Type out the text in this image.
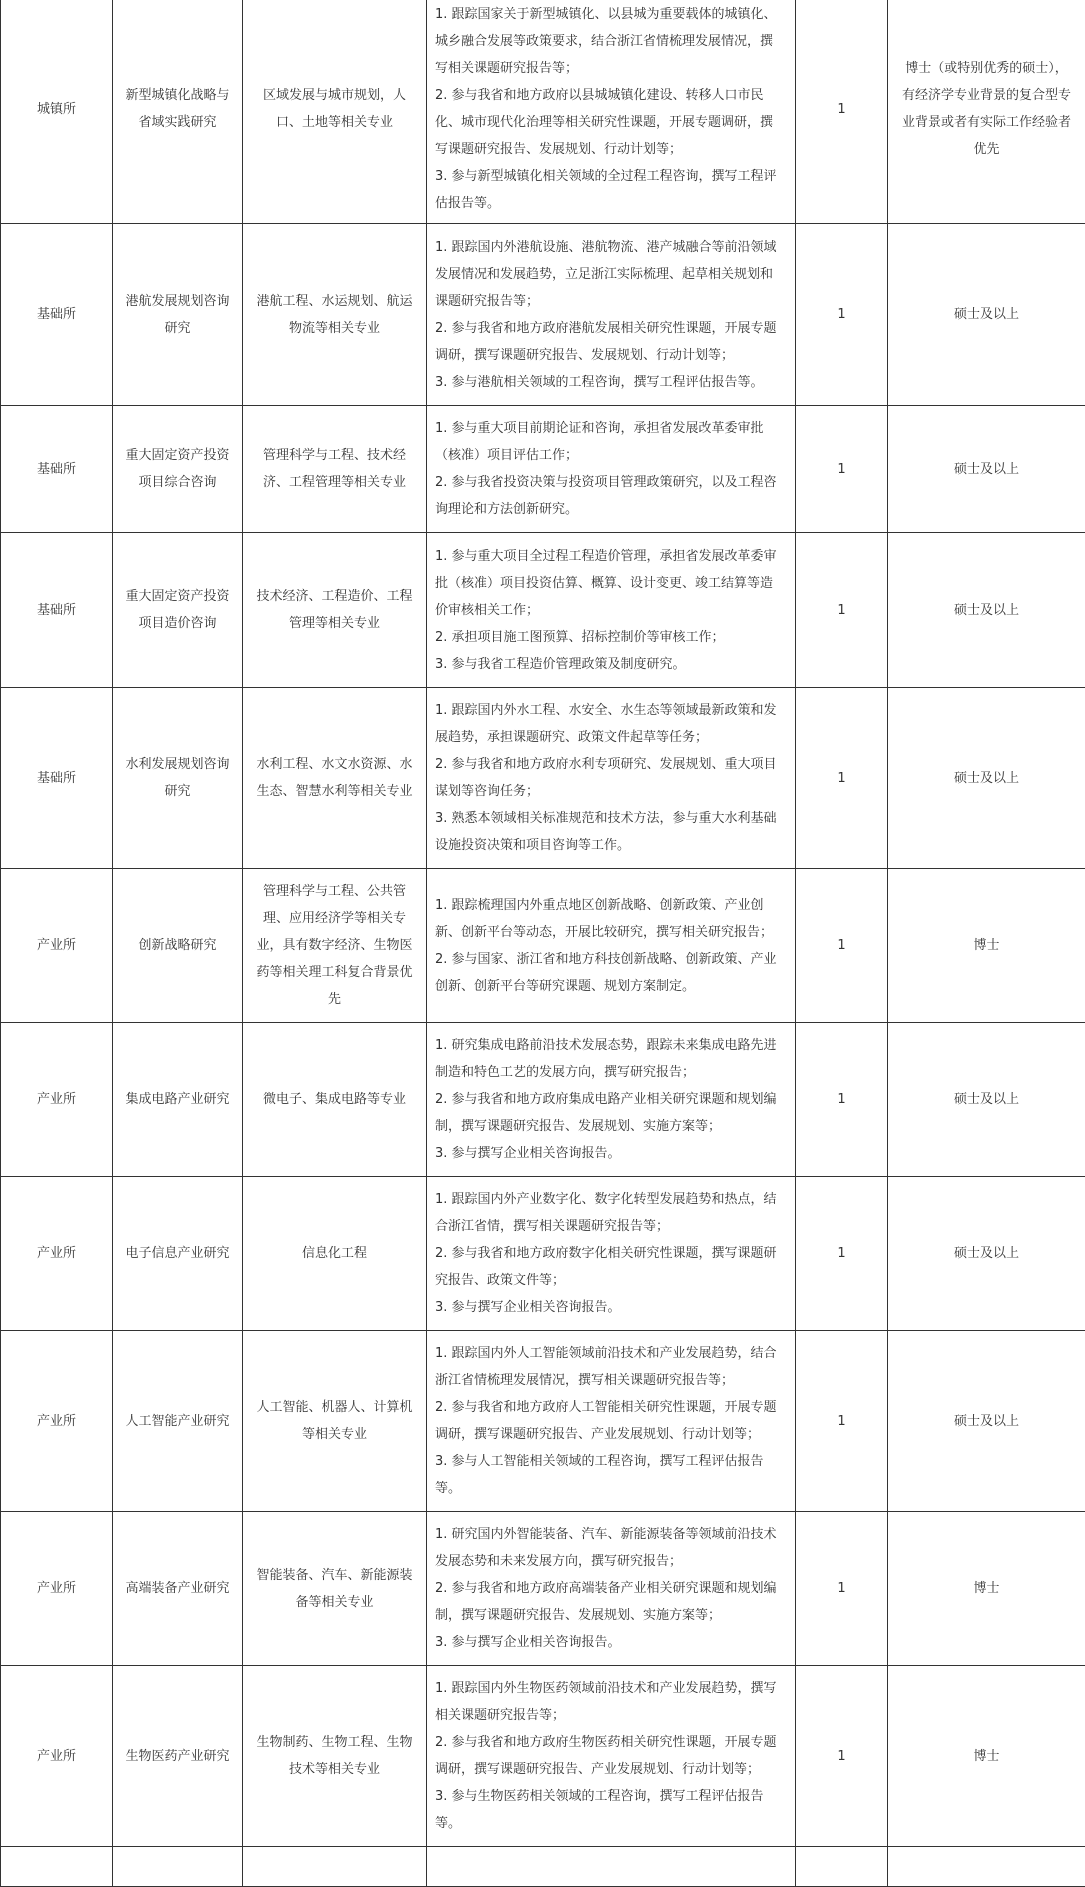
城镇所	新型城镇化战略与省域实践研究	区域发展与城市规划，人口、土地等相关专业	1. 跟踪国家关于新型城镇化、以县城为重要载体的城镇化、城乡融合发展等政策要求，结合浙江省情梳理发展情况，撰写相关课题研究报告等；
2. 参与我省和地方政府以县城城镇化建设、转移人口市民化、城市现代化治理等相关研究性课题，开展专题调研，撰写课题研究报告、发展规划、行动计划等；
3. 参与新型城镇化相关领域的全过程工程咨询，撰写工程评估报告等。	1	博士（或特别优秀的硕士），有经济学专业背景的复合型专业背景或者有实际工作经验者优先
基础所	港航发展规划咨询研究	港航工程、水运规划、航运物流等相关专业	1. 跟踪国内外港航设施、港航物流、港产城融合等前沿领域发展情况和发展趋势，立足浙江实际梳理、起草相关规划和课题研究报告等；
2. 参与我省和地方政府港航发展相关研究性课题，开展专题调研，撰写课题研究报告、发展规划、行动计划等；
3. 参与港航相关领域的工程咨询，撰写工程评估报告等。	1	硕士及以上
基础所	重大固定资产投资项目综合咨询	管理科学与工程、技术经济、工程管理等相关专业	1. 参与重大项目前期论证和咨询，承担省发展改革委审批（核准）项目评估工作；
2. 参与我省投资决策与投资项目管理政策研究，以及工程咨询理论和方法创新研究。	1	硕士及以上
基础所	重大固定资产投资项目造价咨询	技术经济、工程造价、工程管理等相关专业	1. 参与重大项目全过程工程造价管理，承担省发展改革委审批（核准）项目投资估算、概算、设计变更、竣工结算等造价审核相关工作；
2. 承担项目施工图预算、招标控制价等审核工作；
3. 参与我省工程造价管理政策及制度研究。	1	硕士及以上
基础所	水利发展规划咨询研究	水利工程、水文水资源、水生态、智慧水利等相关专业	1. 跟踪国内外水工程、水安全、水生态等领域最新政策和发展趋势，承担课题研究、政策文件起草等任务；
2. 参与我省和地方政府水利专项研究、发展规划、重大项目谋划等咨询任务；
3. 熟悉本领域相关标准规范和技术方法，参与重大水利基础设施投资决策和项目咨询等工作。	1	硕士及以上
产业所	创新战略研究	管理科学与工程、公共管理、应用经济学等相关专业，具有数字经济、生物医药等相关理工科复合背景优先	1. 跟踪梳理国内外重点地区创新战略、创新政策、产业创新、创新平台等动态，开展比较研究，撰写相关研究报告；
2. 参与国家、浙江省和地方科技创新战略、创新政策、产业创新、创新平台等研究课题、规划方案制定。	1	博士
产业所	集成电路产业研究	微电子、集成电路等专业	1. 研究集成电路前沿技术发展态势，跟踪未来集成电路先进制造和特色工艺的发展方向，撰写研究报告；
2. 参与我省和地方政府集成电路产业相关研究课题和规划编制，撰写课题研究报告、发展规划、实施方案等；
3. 参与撰写企业相关咨询报告。	1	硕士及以上
产业所	电子信息产业研究	信息化工程	1. 跟踪国内外产业数字化、数字化转型发展趋势和热点，结合浙江省情，撰写相关课题研究报告等；
2. 参与我省和地方政府数字化相关研究性课题，撰写课题研究报告、政策文件等；
3. 参与撰写企业相关咨询报告。	1	硕士及以上
产业所	人工智能产业研究	人工智能、机器人、计算机等相关专业	1. 跟踪国内外人工智能领域前沿技术和产业发展趋势，结合浙江省情梳理发展情况，撰写相关课题研究报告等；
2. 参与我省和地方政府人工智能相关研究性课题，开展专题调研，撰写课题研究报告、产业发展规划、行动计划等；
3. 参与人工智能相关领域的工程咨询，撰写工程评估报告等。	1	硕士及以上
产业所	高端装备产业研究	智能装备、汽车、新能源装备等相关专业	1. 研究国内外智能装备、汽车、新能源装备等领域前沿技术发展态势和未来发展方向，撰写研究报告；
2. 参与我省和地方政府高端装备产业相关研究课题和规划编制，撰写课题研究报告、发展规划、实施方案等；
3. 参与撰写企业相关咨询报告。	1	博士
产业所	生物医药产业研究	生物制药、生物工程、生物技术等相关专业	1. 跟踪国内外生物医药领域前沿技术和产业发展趋势，撰写相关课题研究报告等；
2. 参与我省和地方政府生物医药相关研究性课题，开展专题调研，撰写课题研究报告、产业发展规划、行动计划等；
3. 参与生物医药相关领域的工程咨询，撰写工程评估报告等。	1	博士
